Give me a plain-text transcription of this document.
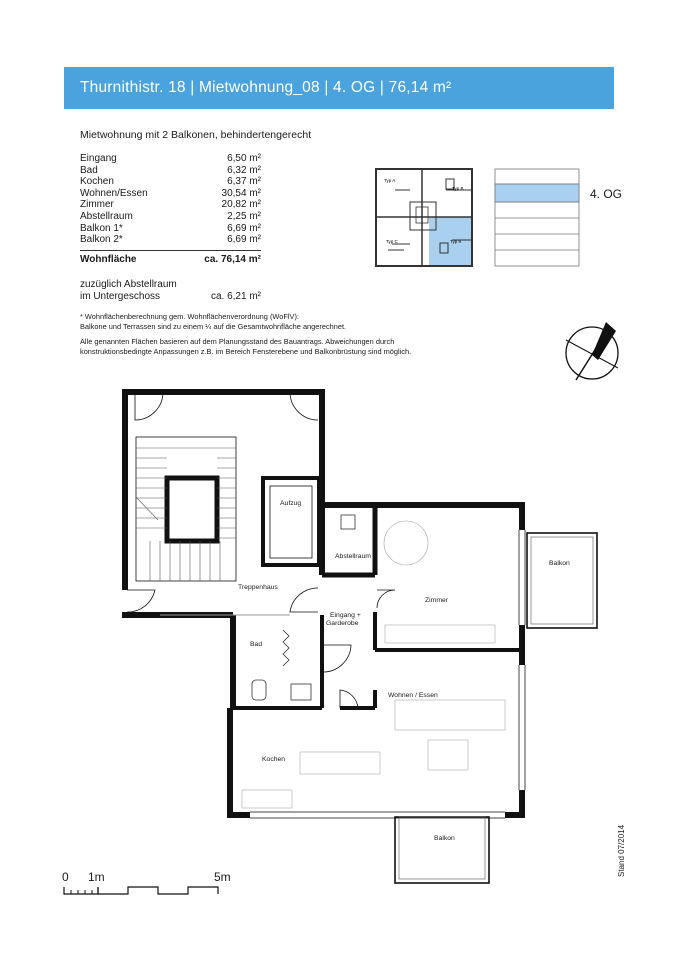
Thurnithistr. 18 | Mietwohnung_08 | 4. OG | 76,14 m²
Mietwohnung mit 2 Balkonen, behindertengerecht
Eingang	6,50 m²
Bad	6,32 m²
Kochen	6,37 m²
Wohnen/Essen	30,54 m²
Zimmer	20,82 m²
Abstellraum	2,25 m²
Balkon 1*	6,69 m²
Balkon 2*	6,69 m²
Wohnfläche	ca. 76,14 m²
zuzüglich Abstellraum
im Untergeschoss	ca. 6,21 m²

* Wohnflächenberechnung gem. Wohnflächenverordnung (WoFlV):
Balkone und Terrassen sind zu einem ¼ auf die Gesamtwohnfläche angerechnet.

Alle genannten Flächen basieren auf dem Planungsstand des Bauantrags. Abweichungen durch
konstruktionsbedingte Anpassungen z.B. im Bereich Fensterebene und Balkonbrüstung sind möglich.

4. OG
Typ A
Typ B
Typ C	Typ 9
Aufzug
Treppenhaus
Abstellraum
Zimmer
Balkon
Eingang +
Garderobe
Bad
Wohnen / Essen
Kochen
Balkon
0 1m	5m	Stand 07/2014
